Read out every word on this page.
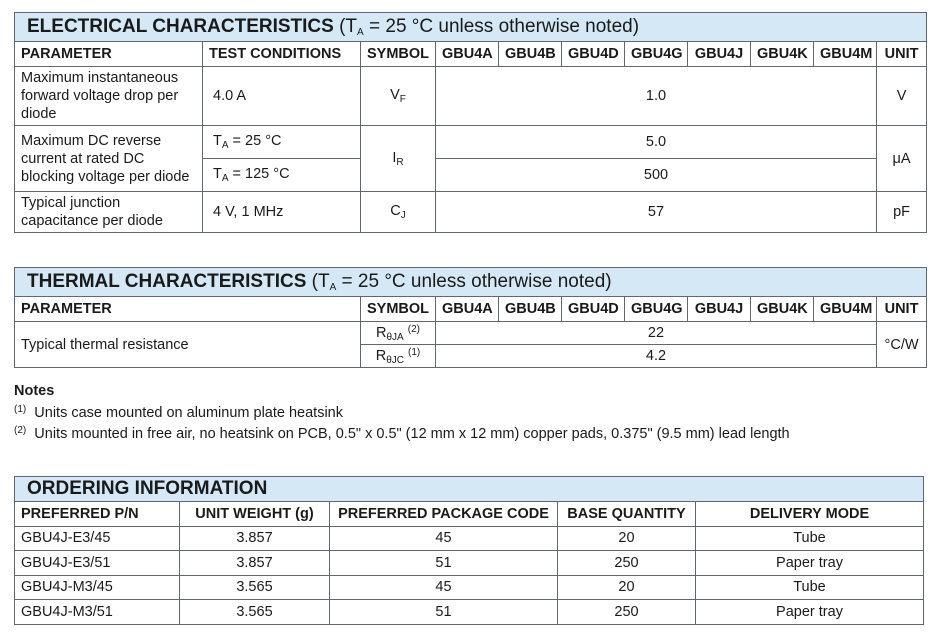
ELECTRICAL CHARACTERISTICS ($T_A = 25$ °C unless otherwise noted)										
PARAMETER	TEST CONDITIONS	SYMBOL	GBU4A	GBU4B	GBU4D	GBU4G	GBU4J	GBU4K	GBU4M	UNIT
Maximum instantaneous forward voltage drop per diode	4.0 A	$V_F$	1.0							V
Maximum DC reverse current at rated DC blocking voltage per diode	$T_A = 25$ °C	$I_R$	5.0							μA
	$T_A = 125$ °C		500							
Typical junction capacitance per diode	4 V, 1 MHz	$C_J$	57							pF
THERMAL CHARACTERISTICS ($T_A = 25$ °C unless otherwise noted)									
PARAMETER	SYMBOL	GBU4A	GBU4B	GBU4D	GBU4G	GBU4J	GBU4K	GBU4M	UNIT
Typical thermal resistance	$R_{\theta JA}$ $^{(2)}$	22							°C/W
	$R_{\theta JC}$ $^{(1)}$	4.2							
Notes
$^{(1)}$ Units case mounted on aluminum plate heatsink
$^{(2)}$ Units mounted in free air, no heatsink on PCB, 0.5" x 0.5" (12 mm x 12 mm) copper pads, 0.375" (9.5 mm) lead length
ORDERING INFORMATION				
PREFERRED P/N	UNIT WEIGHT (g)	PREFERRED PACKAGE CODE	BASE QUANTITY	DELIVERY MODE
GBU4J-E3/45	3.857	45	20	Tube
GBU4J-E3/51	3.857	51	250	Paper tray
GBU4J-M3/45	3.565	45	20	Tube
GBU4J-M3/51	3.565	51	250	Paper tray
